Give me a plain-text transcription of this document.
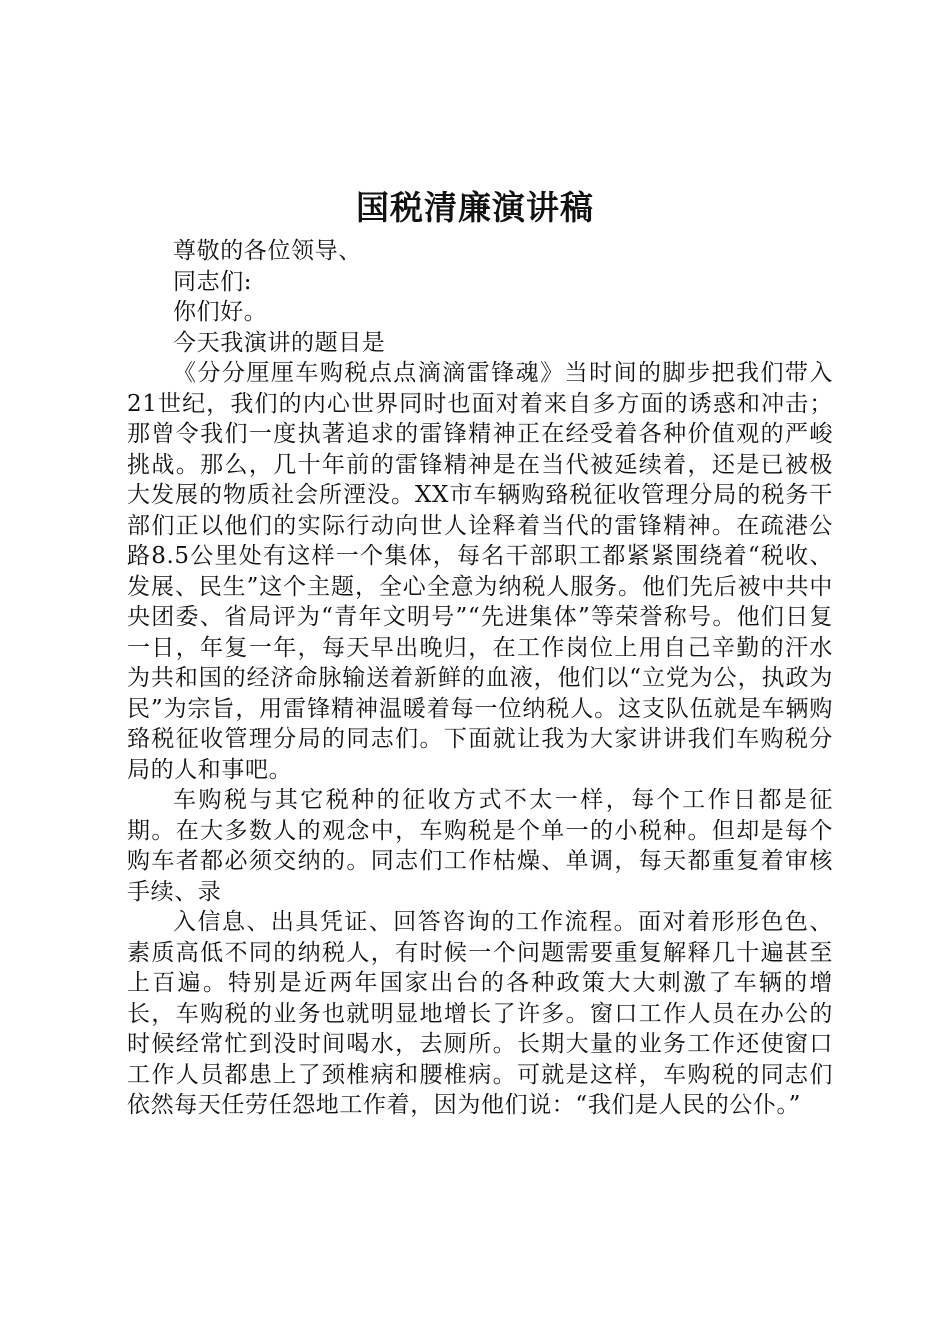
国税清廉演讲稿

尊敬的各位领导、

同志们:

你们好。

今天我演讲的题目是

《分分厘厘车购税点点滴滴雷锋魂》当时间的脚步把我们带入21世纪，我们的内心世界同时也面对着来自多方面的诱惑和冲击；那曾令我们一度执著追求的雷锋精神正在经受着各种价值观的严峻挑战。那么，几十年前的雷锋精神是在当代被延续着，还是已被极大发展的物质社会所湮没。XX市车辆购臵税征收管理分局的税务干部们正以他们的实际行动向世人诠释着当代的雷锋精神。在疏港公路8.5公里处有这样一个集体，每名干部职工都紧紧围绕着“税收、发展、民生”这个主题，全心全意为纳税人服务。他们先后被中共中央团委、省局评为“青年文明号”“先进集体”等荣誉称号。他们日复一日，年复一年，每天早出晚归，在工作岗位上用自己辛勤的汗水为共和国的经济命脉输送着新鲜的血液，他们以“立党为公，执政为民”为宗旨，用雷锋精神温暖着每一位纳税人。这支队伍就是车辆购臵税征收管理分局的同志们。下面就让我为大家讲讲我们车购税分局的人和事吧。

车购税与其它税种的征收方式不太一样，每个工作日都是征期。在大多数人的观念中，车购税是个单一的小税种。但却是每个购车者都必须交纳的。同志们工作枯燥、单调，每天都重复着审核手续、录

入信息、出具凭证、回答咨询的工作流程。面对着形形色色、素质高低不同的纳税人，有时候一个问题需要重复解释几十遍甚至上百遍。特别是近两年国家出台的各种政策大大刺激了车辆的增长，车购税的业务也就明显地增长了许多。窗口工作人员在办公的时候经常忙到没时间喝水，去厕所。长期大量的业务工作还使窗口工作人员都患上了颈椎病和腰椎病。可就是这样，车购税的同志们依然每天任劳任怨地工作着，因为他们说：“我们是人民的公仆。”
